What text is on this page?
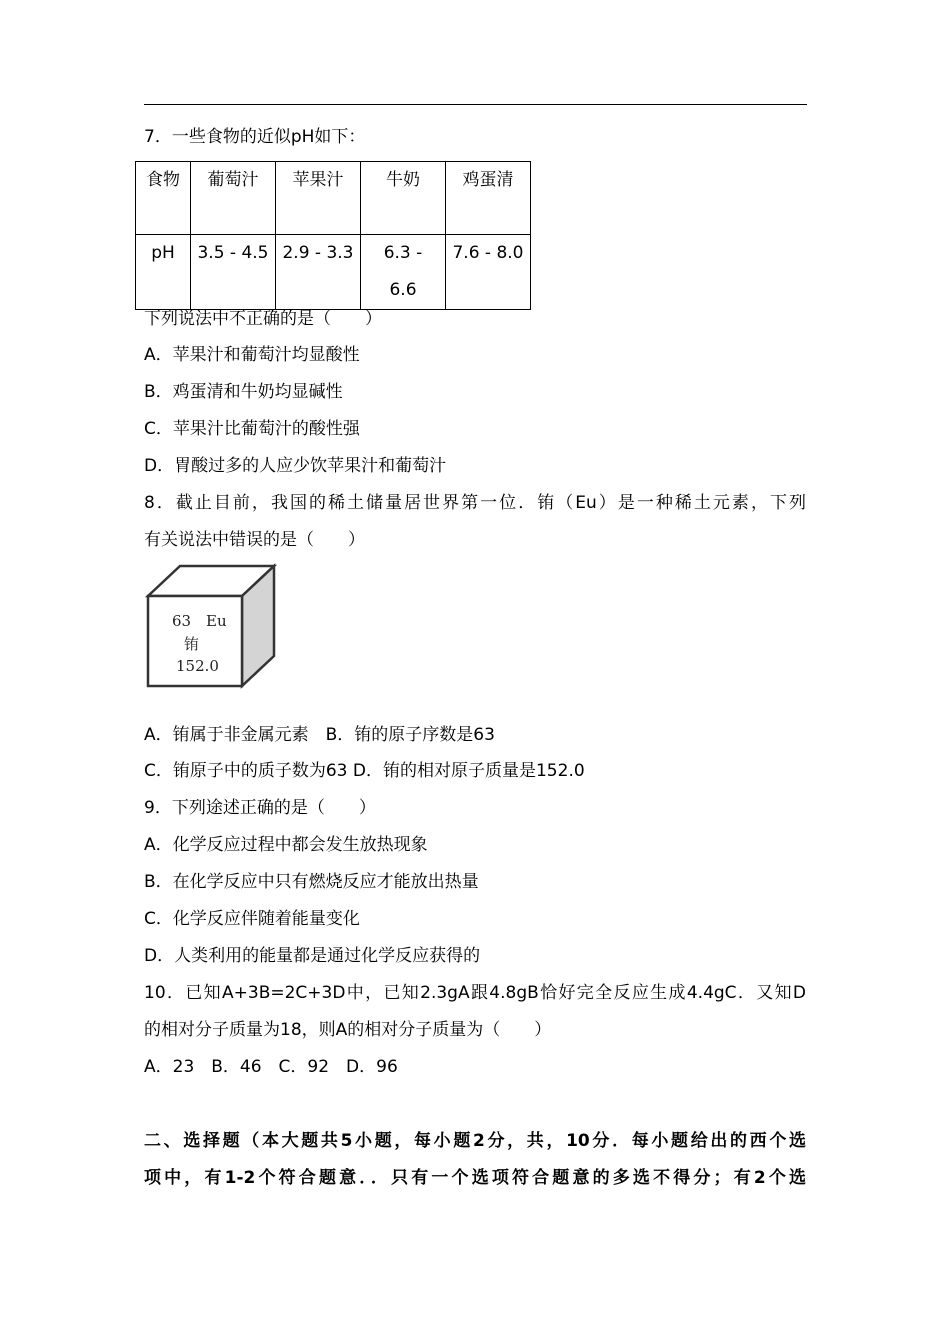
7．一些食物的近似pH如下：
食物	葡萄汁	苹果汁	牛奶	鸡蛋清
pH	3.5 - 4.5	2.9 - 3.3	6.3 - 6.6	7.6 - 8.0
下列说法中不正确的是（　　）
A．苹果汁和葡萄汁均显酸性
B．鸡蛋清和牛奶均显碱性
C．苹果汁比葡萄汁的酸性强
D．胃酸过多的人应少饮苹果汁和葡萄汁
8．截止目前，我国的稀土储量居世界第一位．铕（Eu）是一种稀土元素，下列
有关说法中错误的是（　　）
63 Eu
铕
152.0
A．铕属于非金属元素　B．铕的原子序数是63
C．铕原子中的质子数为63 D．铕的相对原子质量是152.0
9．下列途述正确的是（　　）
A．化学反应过程中都会发生放热现象
B．在化学反应中只有燃烧反应才能放出热量
C．化学反应伴随着能量变化
D．人类利用的能量都是通过化学反应获得的
10．已知A+3B=2C+3D中，已知2.3gA跟4.8gB恰好完全反应生成4.4gC．又知D
的相对分子质量为18，则A的相对分子质量为（　　）
A．23　B．46　C．92　D．96
二、选择题（本大题共5小题，每小题2分，共，10分．每小题给出的西个选
项中，有1-2个符合题意．．只有一个选项符合题意的多选不得分；有2个选
